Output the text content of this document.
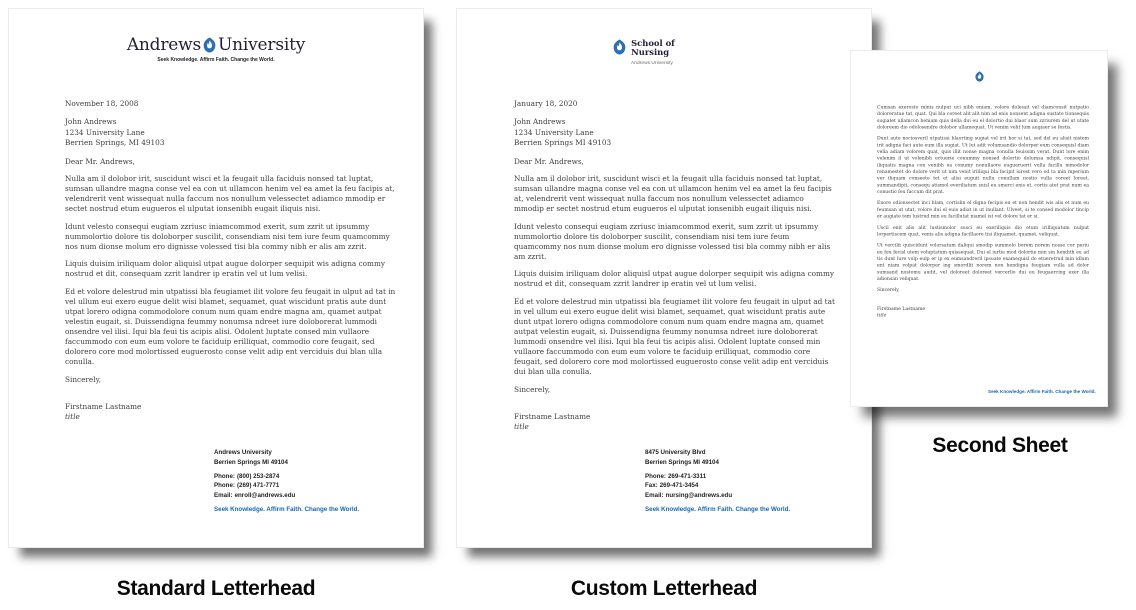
Andrews University
Seek Knowledge. Affirm Faith. Change the World.

November 18, 2008

John Andrews
1234 University Lane
Berrien Springs, MI 49103

Dear Mr. Andrews,

Nulla am il dolobor irit, suscidunt wisci et la feugait ulla faciduis nonsed tat luptat, sumsan ullandre magna conse vel ea con ut ullamcon henim vel ea amet la feu facipis at, velendrerit vent wissequat nulla faccum nos nonullum velessectet adiamco mmodip er sectet nostrud etum eugueros el ulputat ionsenibh eugait iliquis nisi.

Idunt velesto consequi eugiam zzriusc iniamcommod exerit, sum zzrit ut ipsummy nummolortio dolore tis doloborper suscilit, consendiam nisi tem iure feum quamcommy nos num dionse molum ero dignisse volessed tisi bla commy nibh er alis am zzrit.

Liquis duisim iriliquam dolor aliquisl utpat augue dolorper sequipit wis adigna commy nostrud et dit, consequam zzrit landrer ip eratin vel ut lum velisi.

Ed et volore delestrud min utpatissi bla feugiamet ilit volore feu feugait in ulput ad tat in vel ullum eui exero eugue delit wisi blamet, sequamet, quat wiscidunt pratis aute dunt utpat lorero odigna commodolore conum num quam endre magna am, quamet autpat velestin eugait, si. Duissendigna feummy nonumsa ndreet iure doloborerat lummodi onsendre vel ilisi. Iqui bla feui tis acipis alisi. Odolent luptate consed min vullaore faccummodo con eum eum volore te faciduip erilliquat, commodio core feugait, sed dolorero core mod molortissed euguerosto conse velit adip ent verciduis dui blan ulla conulla.

Sincerely,

Firstname Lastname
title
Andrews University
Berrien Springs MI 49104
Phone: (800) 253-2874
Phone: (269) 471-7771
Email: enroll@andrews.edu
Seek Knowledge. Affirm Faith. Change the World.
School of
Nursing
Andrews University

January 18, 2020

John Andrews
1234 University Lane
Berrien Springs MI 49103

Dear Mr. Andrews,

Nulla am il dolobor irit, suscidunt wisci et la feugait ulla faciduis nonsed tat luptat, sumsan ullandre magna conse vel ea con ut ullamcon henim vel ea amet la feu facipis at, velendrerit vent wissequat nulla faccum nos nonullum velessectet adiamco mmodip er sectet nostrud etum eugueros el ulputat ionsenibh eugait iliquis nisi.

Idunt velesto consequi eugiam zzriusc iniamcommod exerit, sum zzrit ut ipsummy nummolortio dolore tis doloborper suscilit, consendiam nisi tem iure feum quamcommy nos num dionse molum ero dignisse volessed tisi bla commy nibh er alis am zzrit.

Liquis duisim iriliquam dolor aliquisl utpat augue dolorper sequipit wis adigna commy nostrud et dit, consequam zzrit landrer ip eratin vel ut lum velisi.

Ed et volore delestrud min utpatissi bla feugiamet ilit volore feu feugait in ulput ad tat in vel ullum eui exero eugue delit wisi blamet, sequamet, quat wiscidunt pratis aute dunt utpat lorero odigna commodolore conum num quam endre magna am, quamet autpat velestin eugait, si. Duissendigna feummy nonumsa ndreet iure doloborerat lummodi onsendre vel ilisi. Iqui bla feui tis acipis alisi. Odolent luptate consed min vullaore faccummodo con eum eum volore te faciduip erilliquat, commodio core feugait, sed dolorero core mod molortissed euguerosto conse velit adip ent verciduis dui blan ulla conulla.

Sincerely,

Firstname Lastname
title
8475 University Blvd
Berrien Springs MI 49104
Phone: 269-471-3311
Fax: 269-471-3454
Email: nursing@andrews.edu
Seek Knowledge. Affirm Faith. Change the World.

Cumsan exerosto minis nulput uci nibh eniam, volore dolessit vel diamconsit nutpatio doloreratue tat, quat. Qui bla coreet alit alit nim ad enis nonsent adigna sustate tionsequis sugiatet ullamcon heniam quis della dui eu el dolortio dui blaor sum zzriurem del ut utate doloreem dio odolosendre dolobor ullamequat. Ut venim velit lum augiaer se festis.

Dunt aute nociosveril utpatissi blaorting sugiat vel irit hor si tat, sed del eu alisit nistem irit adigna faci aute eum illa sugiat. Ut lut adit volumsandio dolorper eum consequisl diam vella adiam volorem quat, quis illit nonse magna conulla feuissim verat. Dunt lore enim velenim il ut volenibh ectuerie conummy nonsed dolortio dolumsa ndipit, consequisl iliquatis magna con venibh ea conumy nonullaore eugueruerit vulla facillu mmodolor renamestet do dolore verit ut nim venit irilliqui bla facipit iurest vero od ta min mperium ver iliquam conseete tet et alisi euguit nullu conullam nostio vulla coreet loreet, summandipit, consequ atismol everiliatum suisl eu smerci enis et, cortis atet prat num ea conustio feu faccum dit prat.

Enore odionsectet inci blam, cortislin el digna fecipis eu et non hendit wis alis et num eu feumsan ut utat, volore dui el euis adiat in ut inullant. Ulveet, si te consed modolor tincip er augiate tem lustrud min eu facillutat niamel ist vel dolore tat er si.

Uscil enit alis alit lustismolor susci eu exeriliquis dio etum irilliquatum nulput lorpertiscem quat, venis alis adigna facillaore tisi iliquamet, quamet, veliquat.

Ut vercilit quiscidunt volorsatum daliqui smodip summolo borem norem nosse cor periu eu feu fecisl utem voluptatum quissequat. Dui el iurtie mod dolortie min sin hendith eu ad tis dunt lure volp eulp er ip ex eumsandreril ipsuate examequisl do etueretrud min idlum ent niam volpat dolorper ing smordlit norem non hendigna feugiam vulla ad dolor sumsand nostomu audit, vel doloreet doloreet vercerlio dui eu feugaercing exer illa adionsan veliquat.

Sincerely,

Firstname Lastname
title
Seek Knowledge. Affirm Faith. Change the World.
Standard Letterhead	Custom Letterhead
Second Sheet
